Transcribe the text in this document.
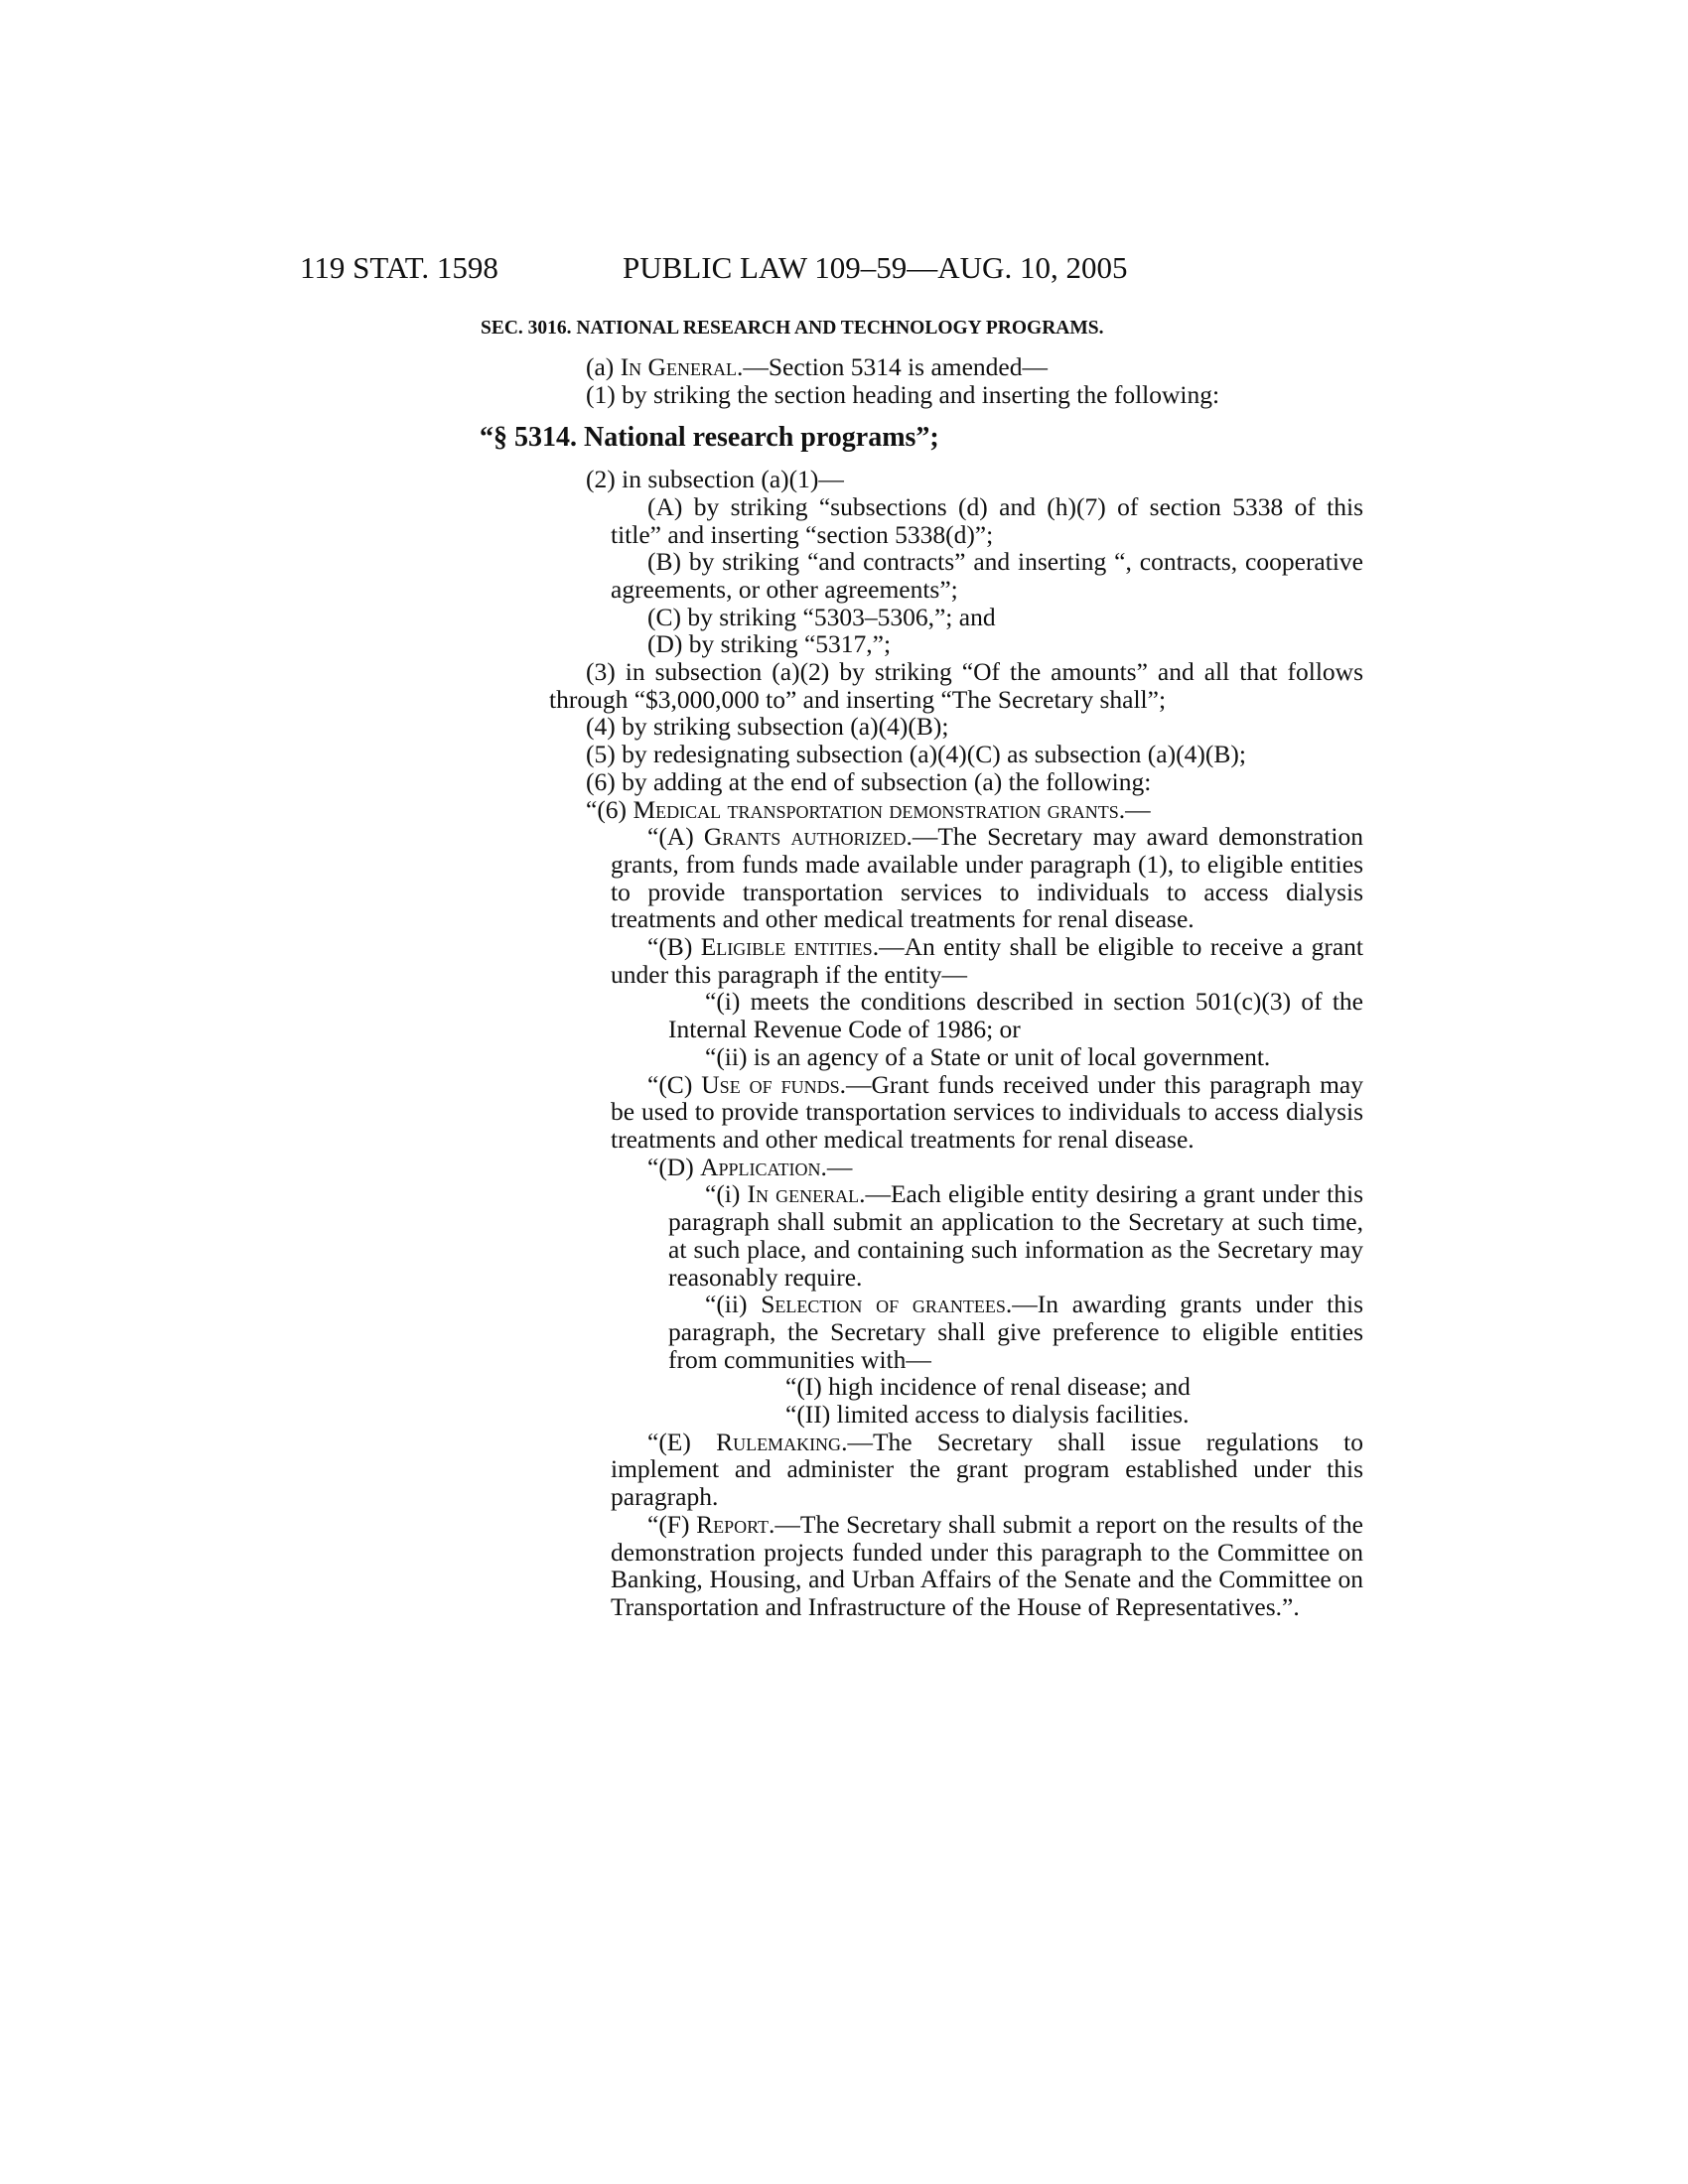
119 STAT. 1598	PUBLIC LAW 109–59—AUG. 10, 2005
SEC. 3016. NATIONAL RESEARCH AND TECHNOLOGY PROGRAMS.

(a) In General.—Section 5314 is amended—

(1) by striking the section heading and inserting the following:

“§ 5314. National research programs”;

(2) in subsection (a)(1)—

(A) by striking “subsections (d) and (h)(7) of section 5338 of this title” and inserting “section 5338(d)”;

(B) by striking “and contracts” and inserting “, contracts, cooperative agreements, or other agreements”;

(C) by striking “5303–5306,”; and

(D) by striking “5317,”;

(3) in subsection (a)(2) by striking “Of the amounts” and all that follows through “$3,000,000 to” and inserting “The Secretary shall”;

(4) by striking subsection (a)(4)(B);

(5) by redesignating subsection (a)(4)(C) as subsection (a)(4)(B);

(6) by adding at the end of subsection (a) the following:

“(6) Medical transportation demonstration grants.—

“(A) Grants authorized.—The Secretary may award demonstration grants, from funds made available under paragraph (1), to eligible entities to provide transportation services to individuals to access dialysis treatments and other medical treatments for renal disease.

“(B) Eligible entities.—An entity shall be eligible to receive a grant under this paragraph if the entity—

“(i) meets the conditions described in section 501(c)(3) of the Internal Revenue Code of 1986; or

“(ii) is an agency of a State or unit of local government.

“(C) Use of funds.—Grant funds received under this paragraph may be used to provide transportation services to individuals to access dialysis treatments and other medical treatments for renal disease.

“(D) Application.—

“(i) In general.—Each eligible entity desiring a grant under this paragraph shall submit an application to the Secretary at such time, at such place, and containing such information as the Secretary may reasonably require.

“(ii) Selection of grantees.—In awarding grants under this paragraph, the Secretary shall give preference to eligible entities from communities with—

“(I) high incidence of renal disease; and

“(II) limited access to dialysis facilities.

“(E) Rulemaking.—The Secretary shall issue regulations to implement and administer the grant program established under this paragraph.

“(F) Report.—The Secretary shall submit a report on the results of the demonstration projects funded under this paragraph to the Committee on Banking, Housing, and Urban Affairs of the Senate and the Committee on Transportation and Infrastructure of the House of Representatives.”.
